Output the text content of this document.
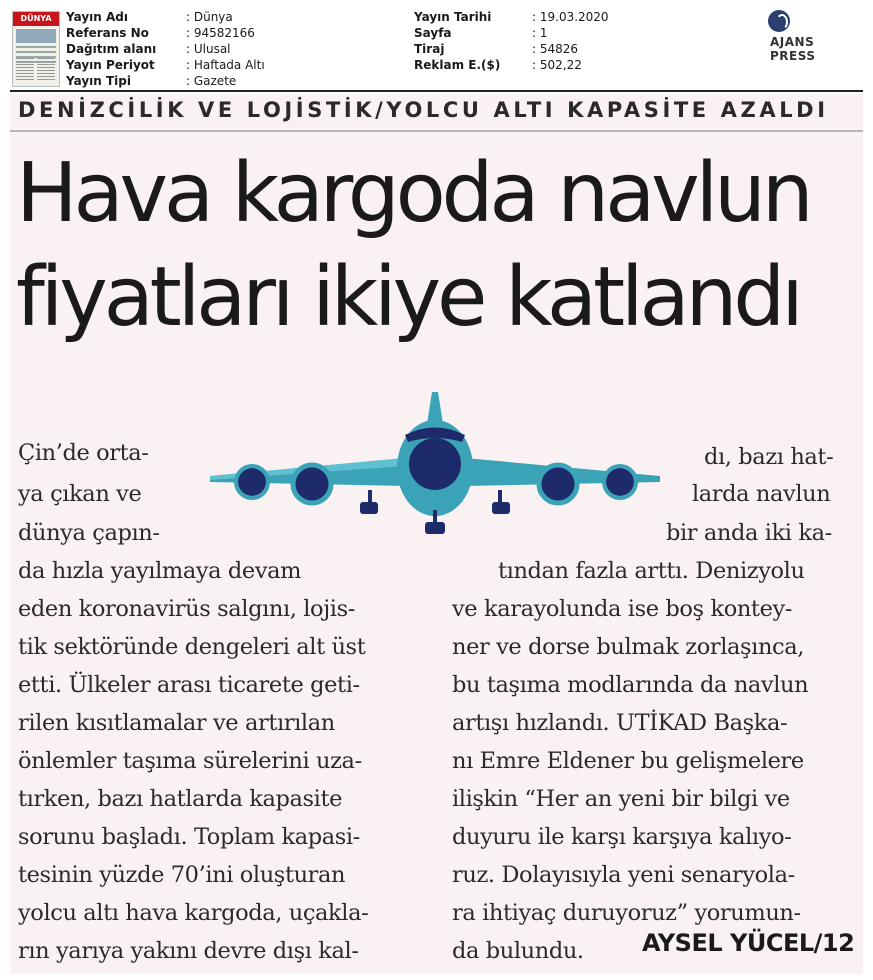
DÜNYA	Yayın Adı	: Dünya
Referans No	: 94582166
Dağıtım alanı : Ulusal
Yayın Periyot	: Haftada Altı
Yayın Tipi	: Gazete
Yayın Tarihi	: 19.03.2020
Sayfa	: 1
Tiraj	: 54826
Reklam E.($)	: 502,22
AJANS PRESS
DENİZCİLİK VE LOJİSTİK/YOLCU ALTI KAPASİTE AZALDI
Hava kargoda navlun
fiyatları ikiye katlandı
Çin’de orta-
ya çıkan ve
dünya çapın-
da hızla yayılmaya devam
eden koronavirüs salgını, lojis-
tik sektöründe dengeleri alt üst
etti. Ülkeler arası ticarete geti-
rilen kısıtlamalar ve artırılan
önlemler taşıma sürelerini uza-
tırken, bazı hatlarda kapasite
sorunu başladı. Toplam kapasi-
tesinin yüzde 70’ini oluşturan
yolcu altı hava kargoda, uçakla-
rın yarıya yakını devre dışı kal-
dı, bazı hat-
larda navlun
bir anda iki ka-
tından fazla arttı. Denizyolu
ve karayolunda ise boş kontey-
ner ve dorse bulmak zorlaşınca,
bu taşıma modlarında da navlun
artışı hızlandı. UTİKAD Başka-
nı Emre Eldener bu gelişmelere
ilişkin “Her an yeni bir bilgi ve
duyuru ile karşı karşıya kalıyo-
ruz. Dolayısıyla yeni senaryola-
ra ihtiyaç duruyoruz” yorumun-
da bulundu. AYSEL YÜCEL/12
